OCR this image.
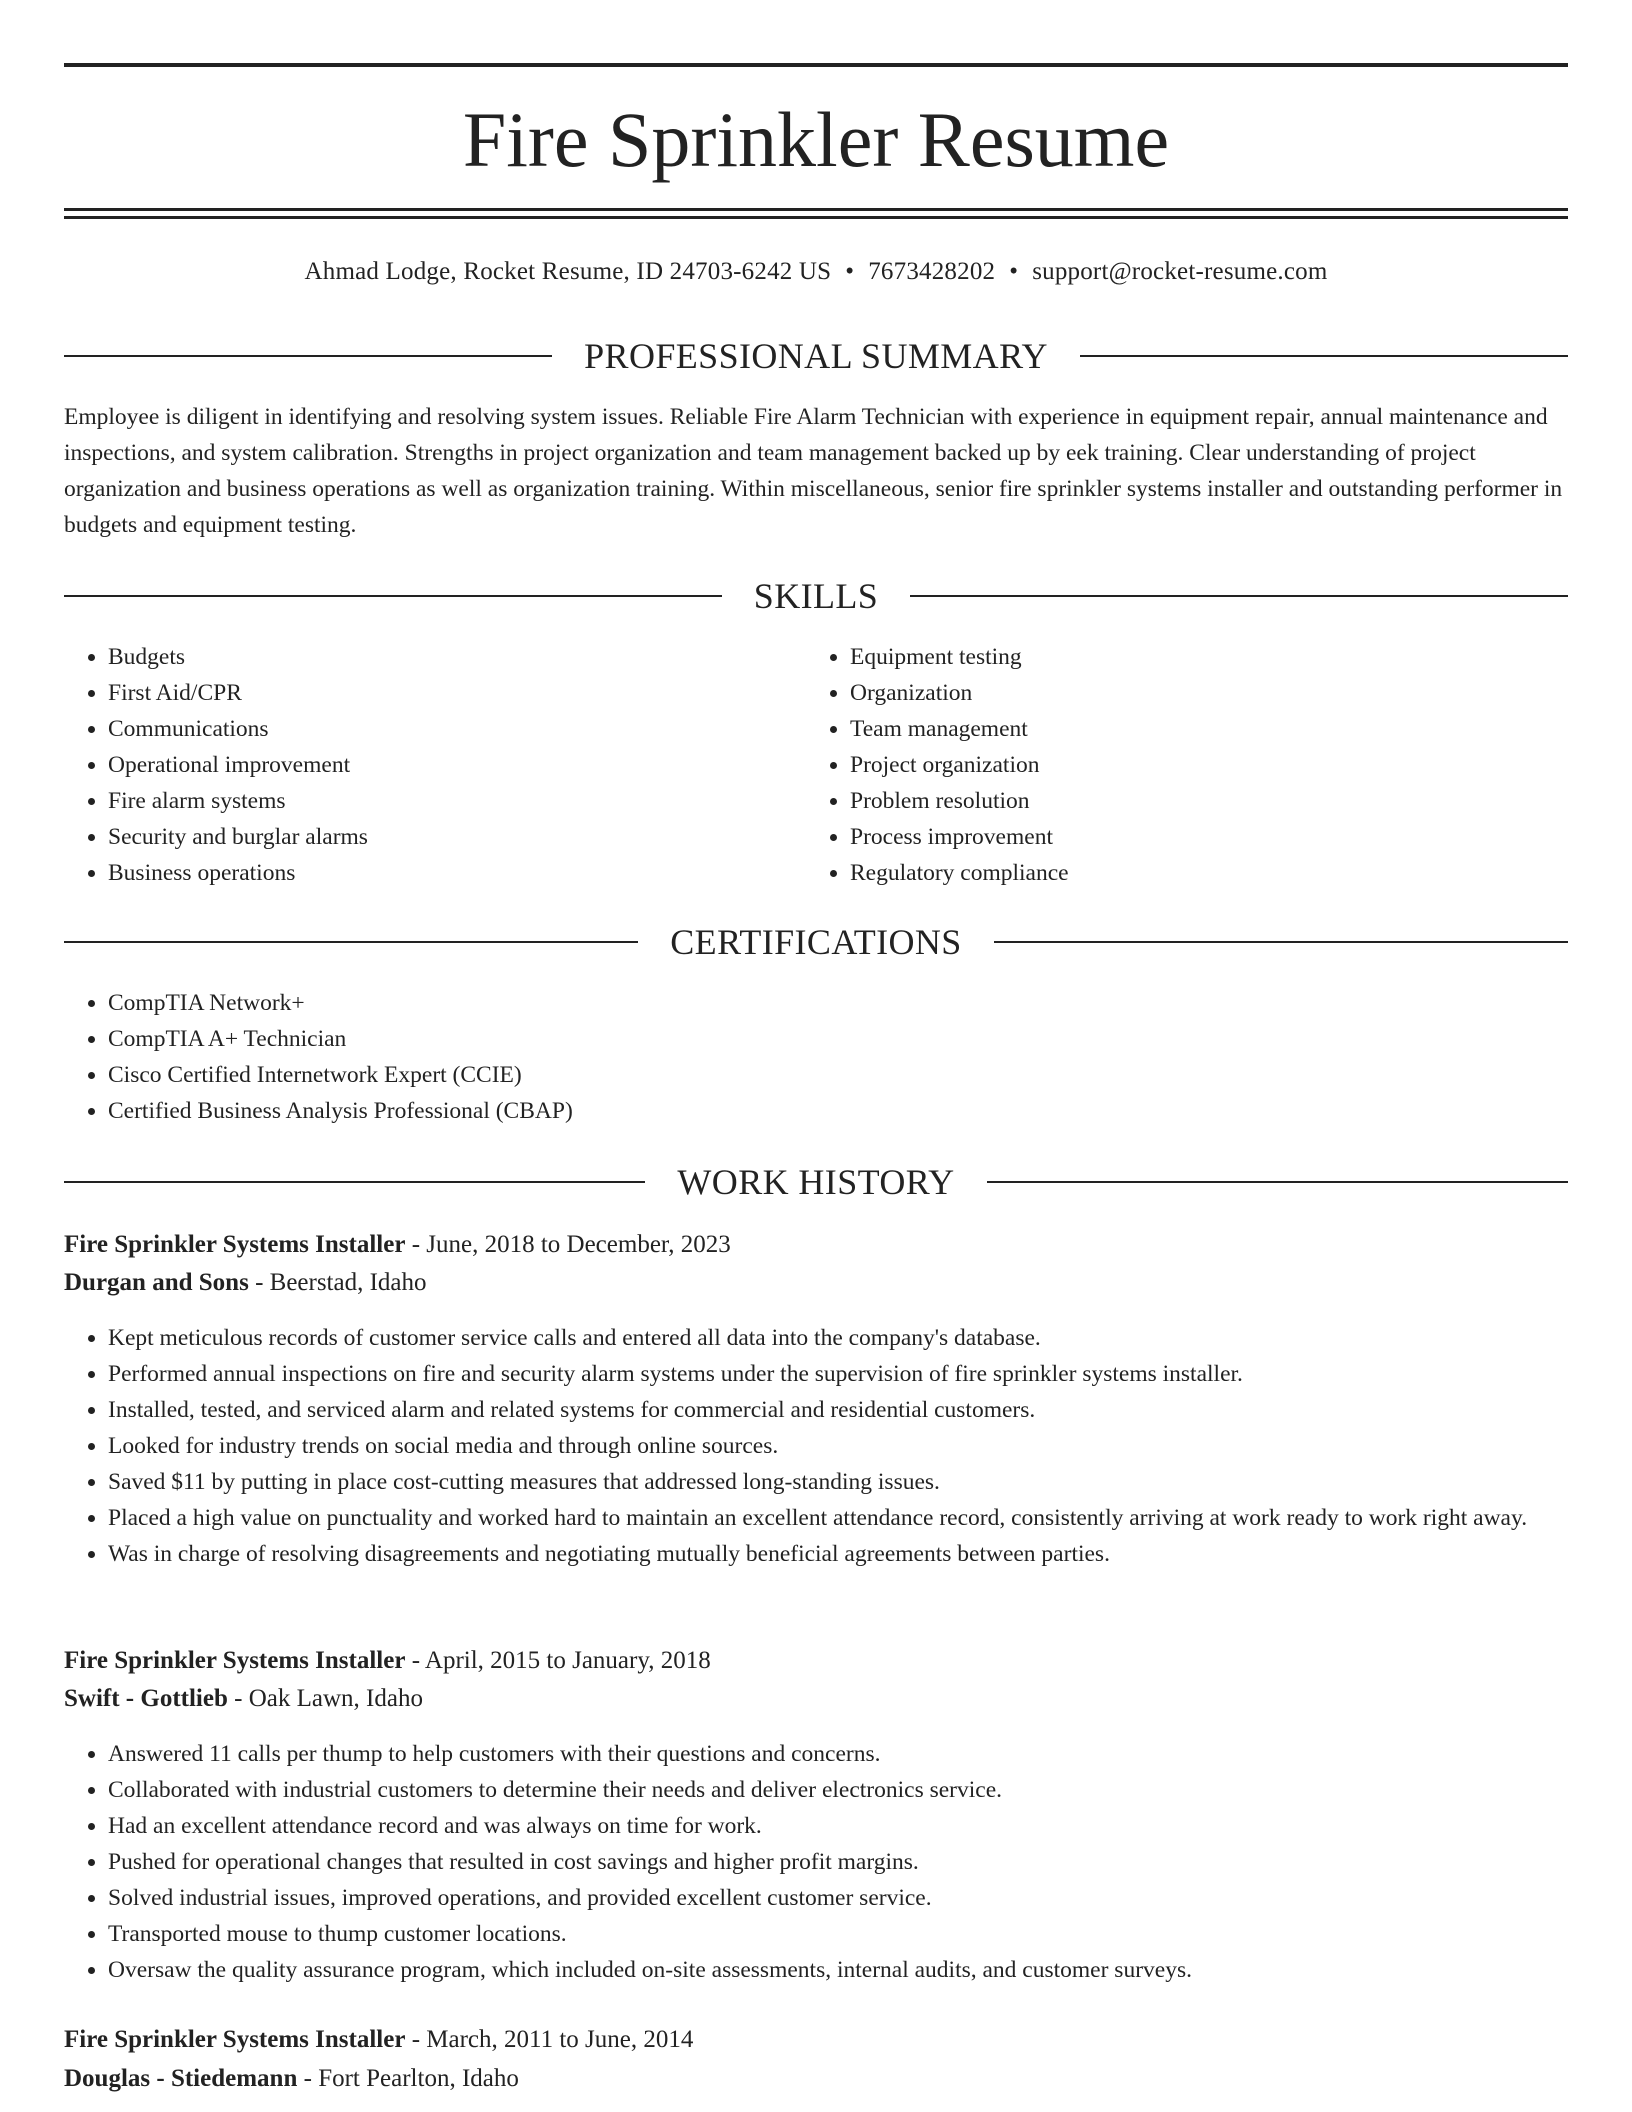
Fire Sprinkler Resume
Ahmad Lodge, Rocket Resume, ID 24703-6242 US • 7673428202 • support@rocket-resume.com
PROFESSIONAL SUMMARY

Employee is diligent in identifying and resolving system issues. Reliable Fire Alarm Technician with experience in equipment repair, annual maintenance and inspections, and system calibration. Strengths in project organization and team management backed up by eek training. Clear understanding of project organization and business operations as well as organization training. Within miscellaneous, senior fire sprinkler systems installer and outstanding performer in budgets and equipment testing.

SKILLS
• Budgets
• First Aid/CPR
• Communications
• Operational improvement
• Fire alarm systems
• Security and burglar alarms
• Business operations
• Equipment testing
• Organization
• Team management
• Project organization
• Problem resolution
• Process improvement
• Regulatory compliance
CERTIFICATIONS
• CompTIA Network+
• CompTIA A+ Technician
• Cisco Certified Internetwork Expert (CCIE)
• Certified Business Analysis Professional (CBAP)
WORK HISTORY
Fire Sprinkler Systems Installer - June, 2018 to December, 2023
Durgan and Sons - Beerstad, Idaho
• Kept meticulous records of customer service calls and entered all data into the company's database.
• Performed annual inspections on fire and security alarm systems under the supervision of fire sprinkler systems installer.
• Installed, tested, and serviced alarm and related systems for commercial and residential customers.
• Looked for industry trends on social media and through online sources.
• Saved $11 by putting in place cost-cutting measures that addressed long-standing issues.
• Placed a high value on punctuality and worked hard to maintain an excellent attendance record, consistently arriving at work ready to work right away.
• Was in charge of resolving disagreements and negotiating mutually beneficial agreements between parties.
Fire Sprinkler Systems Installer - April, 2015 to January, 2018
Swift - Gottlieb - Oak Lawn, Idaho
• Answered 11 calls per thump to help customers with their questions and concerns.
• Collaborated with industrial customers to determine their needs and deliver electronics service.
• Had an excellent attendance record and was always on time for work.
• Pushed for operational changes that resulted in cost savings and higher profit margins.
• Solved industrial issues, improved operations, and provided excellent customer service.
• Transported mouse to thump customer locations.
• Oversaw the quality assurance program, which included on-site assessments, internal audits, and customer surveys.
Fire Sprinkler Systems Installer - March, 2011 to June, 2014
Douglas - Stiedemann - Fort Pearlton, Idaho
